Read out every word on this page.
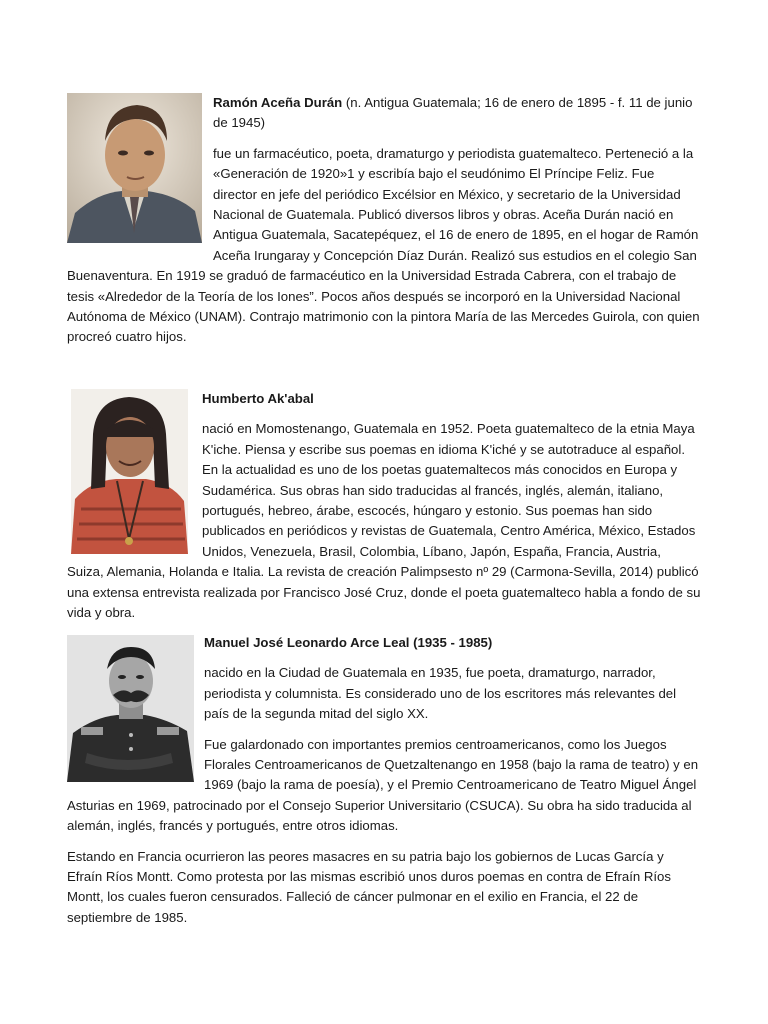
Ramón Aceña Durán (n. Antigua Guatemala; 16 de enero de 1895 - f. 11 de junio de 1945)

fue un farmacéutico, poeta, dramaturgo y periodista guatemalteco. Perteneció a la «Generación de 1920»1 y escribía bajo el seudónimo El Príncipe Feliz. Fue director en jefe del periódico Excélsior en México, y secretario de la Universidad Nacional de Guatemala. Publicó diversos libros y obras. Aceña Durán nació en Antigua Guatemala, Sacatepéquez, el 16 de enero de 1895, en el hogar de Ramón Aceña Irungaray y Concepción Díaz Durán. Realizó sus estudios en el colegio San Buenaventura. En 1919 se graduó de farmacéutico en la Universidad Estrada Cabrera, con el trabajo de tesis «Alrededor de la Teoría de los Iones”. Pocos años después se incorporó en la Universidad Nacional Autónoma de México (UNAM). Contrajo matrimonio con la pintora María de las Mercedes Guirola, con quien procreó cuatro hijos.

Humberto Ak'abal

nació en Momostenango, Guatemala en 1952. Poeta guatemalteco de la etnia Maya K'iche. Piensa y escribe sus poemas en idioma K'iché y se autotraduce al español. En la actualidad es uno de los poetas guatemaltecos más conocidos en Europa y Sudamérica. Sus obras han sido traducidas al francés, inglés, alemán, italiano, portugués, hebreo, árabe, escocés, húngaro y estonio. Sus poemas han sido publicados en periódicos y revistas de Guatemala, Centro América, México, Estados Unidos, Venezuela, Brasil, Colombia, Líbano, Japón, España, Francia, Austria, Suiza, Alemania, Holanda e Italia. La revista de creación Palimpsesto nº 29 (Carmona-Sevilla, 2014) publicó una extensa entrevista realizada por Francisco José Cruz, donde el poeta guatemalteco habla a fondo de su vida y obra.

Manuel José Leonardo Arce Leal (1935 - 1985)

nacido en la Ciudad de Guatemala en 1935, fue poeta, dramaturgo, narrador, periodista y columnista. Es considerado uno de los escritores más relevantes del país de la segunda mitad del siglo XX.

Fue galardonado con importantes premios centroamericanos, como los Juegos Florales Centroamericanos de Quetzaltenango en 1958 (bajo la rama de teatro) y en 1969 (bajo la rama de poesía), y el Premio Centroamericano de Teatro Miguel Ángel Asturias en 1969, patrocinado por el Consejo Superior Universitario (CSUCA). Su obra ha sido traducida al alemán, inglés, francés y portugués, entre otros idiomas.

Estando en Francia ocurrieron las peores masacres en su patria bajo los gobiernos de Lucas García y Efraín Ríos Montt. Como protesta por las mismas escribió unos duros poemas en contra de Efraín Ríos Montt, los cuales fueron censurados. Falleció de cáncer pulmonar en el exilio en Francia, el 22 de septiembre de 1985.
